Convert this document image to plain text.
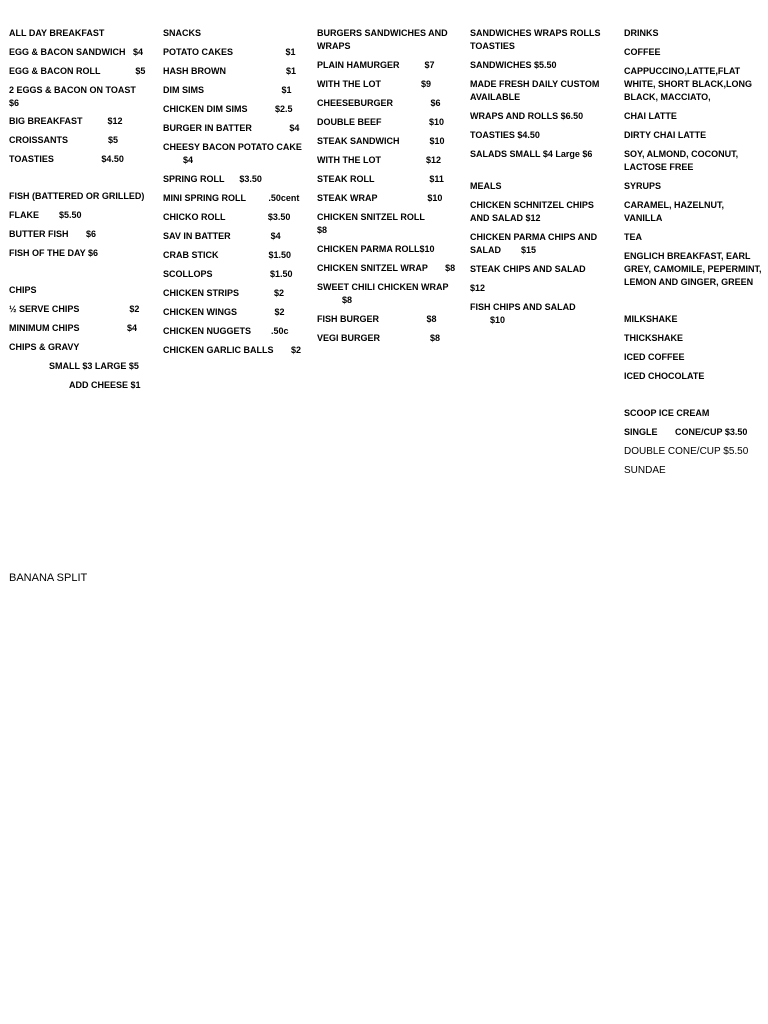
ALL DAY BREAKFAST
EGG & BACON SANDWICH   $4
EGG & BACON ROLL              $5
2 EGGS & BACON ON TOAST
$6
BIG BREAKFAST          $12
CROISSANTS                $5
TOASTIES                   $4.50
FISH (BATTERED OR GRILLED)
FLAKE        $5.50
BUTTER FISH       $6
FISH OF THE DAY $6
CHIPS
½ SERVE CHIPS                    $2
MINIMUM CHIPS                   $4
CHIPS & GRAVY
SMALL $3 LARGE $5
ADD CHEESE $1
SNACKS
POTATO CAKES                     $1
HASH BROWN                        $1
DIM SIMS                               $1
CHICKEN DIM SIMS           $2.5
BURGER IN BATTER               $4
CHEESY BACON POTATO CAKE
$4
SPRING ROLL      $3.50
MINI SPRING ROLL         .50cent
CHICKO ROLL                 $3.50
SAV IN BATTER                $4
CRAB STICK                    $1.50
SCOLLOPS                       $1.50
CHICKEN STRIPS              $2
CHICKEN WINGS               $2
CHICKEN NUGGETS        .50c
CHICKEN GARLIC BALLS       $2
BURGERS SANDWICHES AND WRAPS
PLAIN HAMURGER          $7
WITH THE LOT                $9
CHEESEBURGER               $6
DOUBLE BEEF                   $10
STEAK SANDWICH            $10
WITH THE LOT                  $12
STEAK ROLL                      $11
STEAK WRAP                    $10
CHICKEN SNITZEL ROLL          $8
CHICKEN PARMA ROLL$10
CHICKEN SNITZEL WRAP       $8
SWEET CHILI CHICKEN WRAP
$8
FISH BURGER                   $8
VEGI BURGER                    $8
SANDWICHES WRAPS ROLLS TOASTIES
SANDWICHES $5.50
MADE FRESH DAILY CUSTOM AVAILABLE
WRAPS AND ROLLS $6.50
TOASTIES $4.50
SALADS SMALL $4 Large $6
MEALS
CHICKEN SCHNITZEL CHIPS AND SALAD $12
CHICKEN PARMA CHIPS AND SALAD        $15
STEAK CHIPS AND SALAD
$12
FISH CHIPS AND SALAD
$10
DRINKS
COFFEE
CAPPUCCINO,LATTE,FLAT WHITE, SHORT BLACK,LONG BLACK, MACCIATO,
CHAI LATTE
DIRTY CHAI LATTE
SOY, ALMOND, COCONUT, LACTOSE FREE
SYRUPS
CARAMEL, HAZELNUT, VANILLA
TEA
ENGLICH BREAKFAST, EARL GREY, CAMOMILE, PEPERMINT, LEMON AND GINGER, GREEN
MILKSHAKE
THICKSHAKE
ICED COFFEE
ICED CHOCOLATE
SCOOP ICE CREAM
SINGLE       CONE/CUP $3.50
DOUBLE CONE/CUP $5.50
SUNDAE
BANANA SPLIT
